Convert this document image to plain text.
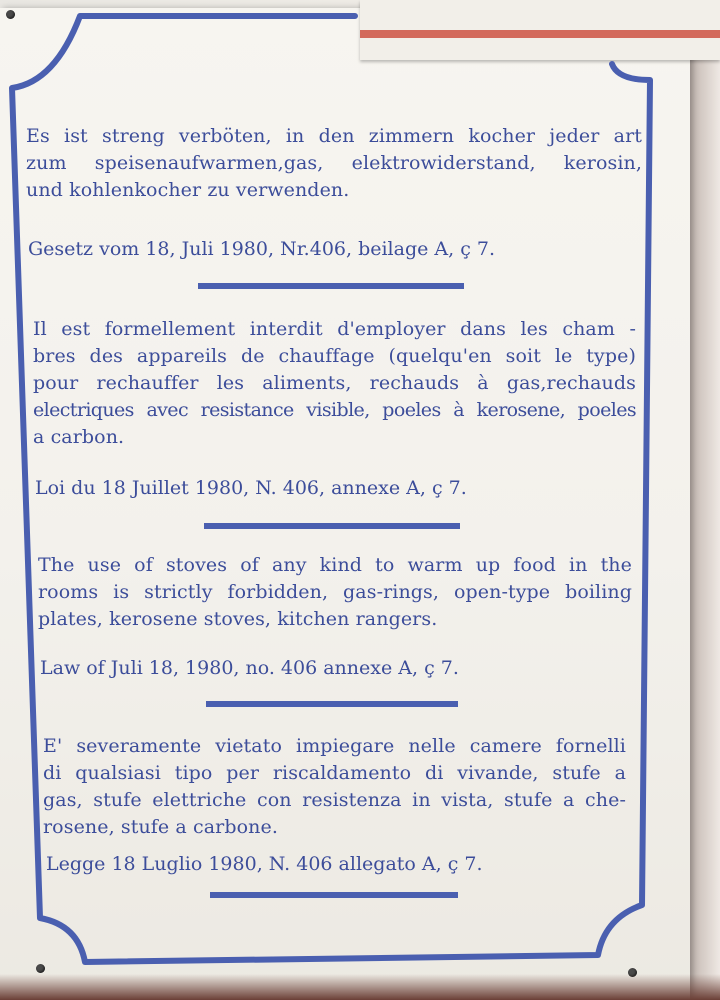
Es ist streng verböten, in den zimmern kocher jeder art
zum speisenaufwarmen,gas, elektrowiderstand, kerosin,
und kohlenkocher zu verwenden.
Gesetz vom 18, Juli 1980, Nr.406, beilage A, ç 7.
Il est formellement interdit d'employer dans les cham -
bres des appareils de chauffage (quelqu'en soit le type)
pour rechauffer les aliments, rechauds à gas,rechauds
electriques avec resistance visible, poeles à kerosene, poeles
a carbon.
Loi du 18 Juillet 1980, N. 406, annexe A, ç 7.
The use of stoves of any kind to warm up food in the
rooms is strictly forbidden, gas-rings, open-type boiling
plates, kerosene stoves, kitchen rangers.
Law of Juli 18, 1980, no. 406 annexe A, ç 7.
E' severamente vietato impiegare nelle camere fornelli
di qualsiasi tipo per riscaldamento di vivande, stufe a
gas, stufe elettriche con resistenza in vista, stufe a che-
rosene, stufe a carbone.
Legge 18 Luglio 1980, N. 406 allegato A, ç 7.
